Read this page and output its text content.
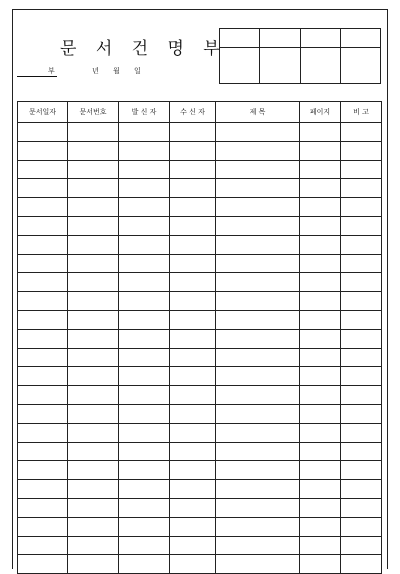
문 서 건 명 부
부	년 월 일

문서일자	문서번호	발 신 자	수 신 자	제 목	페이지	비 고
